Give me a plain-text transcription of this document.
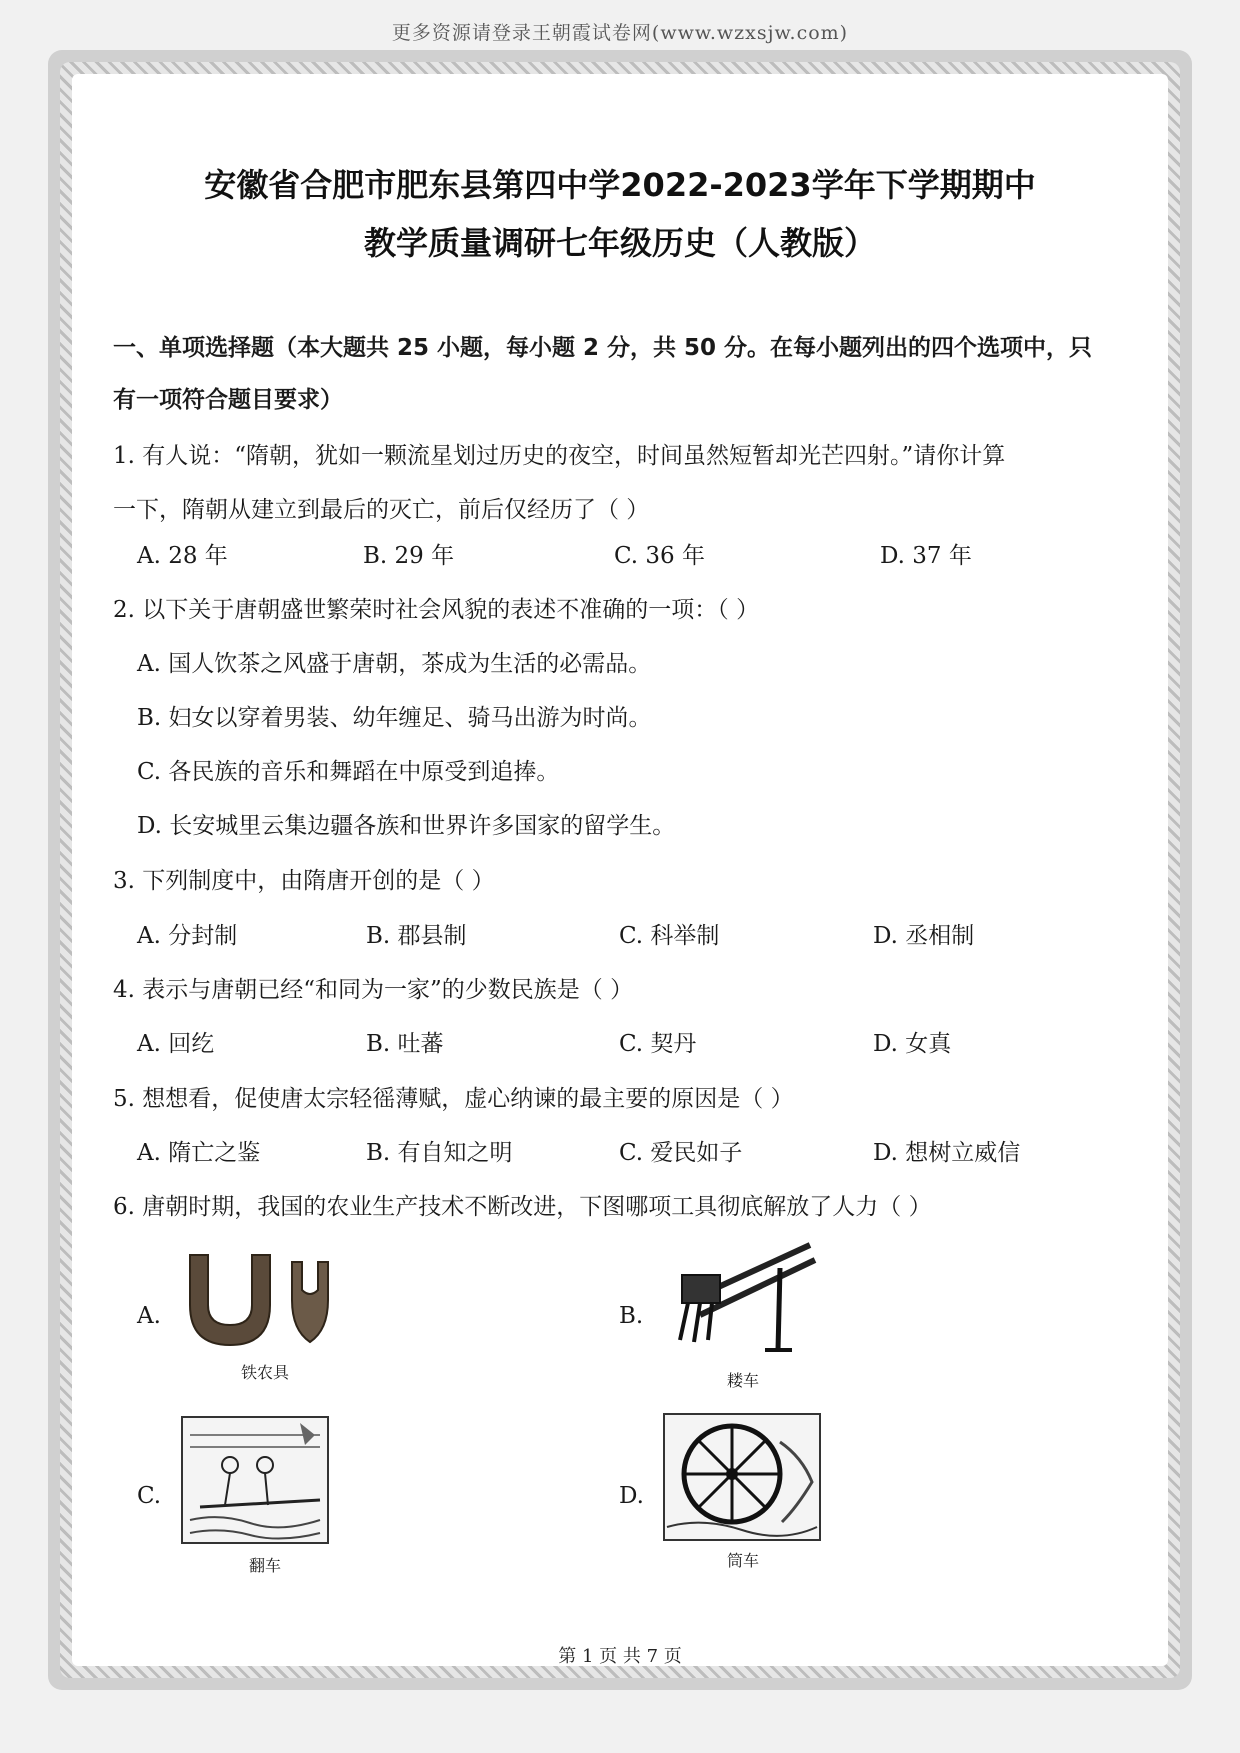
更多资源请登录王朝霞试卷网(www.wzxsjw.com)
安徽省合肥市肥东县第四中学2022-2023学年下学期期中
教学质量调研七年级历史（人教版）
一、单项选择题（本大题共 25 小题，每小题 2 分，共 50 分。在每小题列出的四个选项中，只
有一项符合题目要求）
1. 有人说：“隋朝，犹如一颗流星划过历史的夜空，时间虽然短暂却光芒四射。”请你计算
一下，隋朝从建立到最后的灭亡，前后仅经历了（ ）
A. 28 年	B. 29 年	C. 36 年	D. 37 年
2. 以下关于唐朝盛世繁荣时社会风貌的表述不准确的一项：（ ）
A. 国人饮茶之风盛于唐朝，茶成为生活的必需品。
B. 妇女以穿着男装、幼年缠足、骑马出游为时尚。
C. 各民族的音乐和舞蹈在中原受到追捧。
D. 长安城里云集边疆各族和世界许多国家的留学生。
3. 下列制度中，由隋唐开创的是（ ）
A. 分封制	B. 郡县制	C. 科举制	D. 丞相制
4. 表示与唐朝已经“和同为一家”的少数民族是（ ）
A. 回纥	B. 吐蕃	C. 契丹	D. 女真
5. 想想看，促使唐太宗轻徭薄赋，虚心纳谏的最主要的原因是（ ）
A. 隋亡之鉴	B. 有自知之明	C. 爱民如子	D. 想树立威信
6. 唐朝时期，我国的农业生产技术不断改进，下图哪项工具彻底解放了人力（ ）
A.
铁农具
B.
耧车
C.
翻车
D.
筒车
第 1 页 共 7 页
